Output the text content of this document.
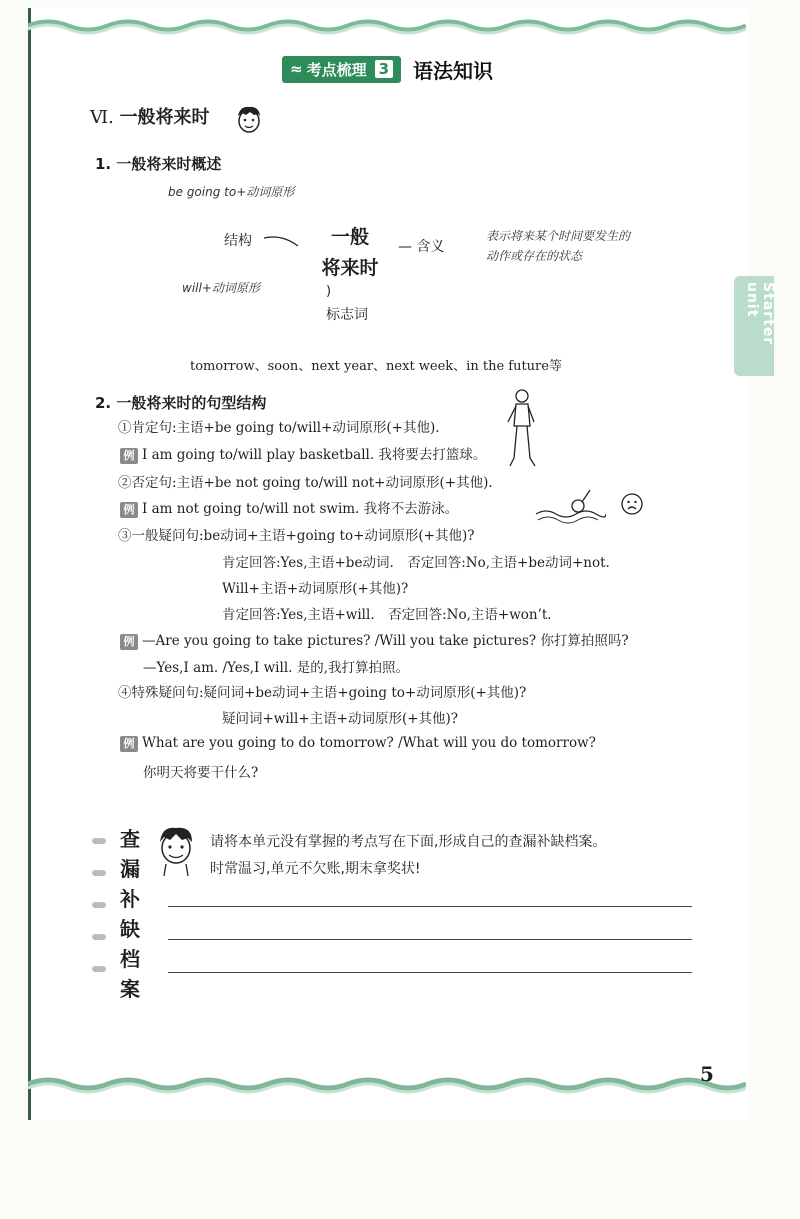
Starter unit
≈ 考点梳理 3 语法知识
Ⅵ. 一般将来时
1. 一般将来时概述
be going to+动词原形
结构	一般
将来时
— 含义
表示将来某个时间要发生的
动作或存在的状态
will+动词原形	)
标志词
tomorrow、soon、next year、next week、in the future等
2. 一般将来时的句型结构
①肯定句:主语+be going to/will+动词原形(+其他).
例 I am going to/will play basketball. 我将要去打篮球。
②否定句:主语+be not going to/will not+动词原形(+其他).
例 I am not going to/will not swim. 我将不去游泳。
③一般疑问句:be动词+主语+going to+动词原形(+其他)?
肯定回答:Yes,主语+be动词.　否定回答:No,主语+be动词+not.
Will+主语+动词原形(+其他)?
肯定回答:Yes,主语+will.　否定回答:No,主语+won’t.
例 —Are you going to take pictures? /Will you take pictures? 你打算拍照吗?
—Yes,I am. /Yes,I will. 是的,我打算拍照。
④特殊疑问句:疑问词+be动词+主语+going to+动词原形(+其他)?
疑问词+will+主语+动词原形(+其他)?
例 What are you going to do tomorrow? /What will you do tomorrow?
你明天将要干什么?
查
漏
补
缺
档
案
请将本单元没有掌握的考点写在下面,形成自己的查漏补缺档案。
时常温习,单元不欠账,期末拿奖状!
5
